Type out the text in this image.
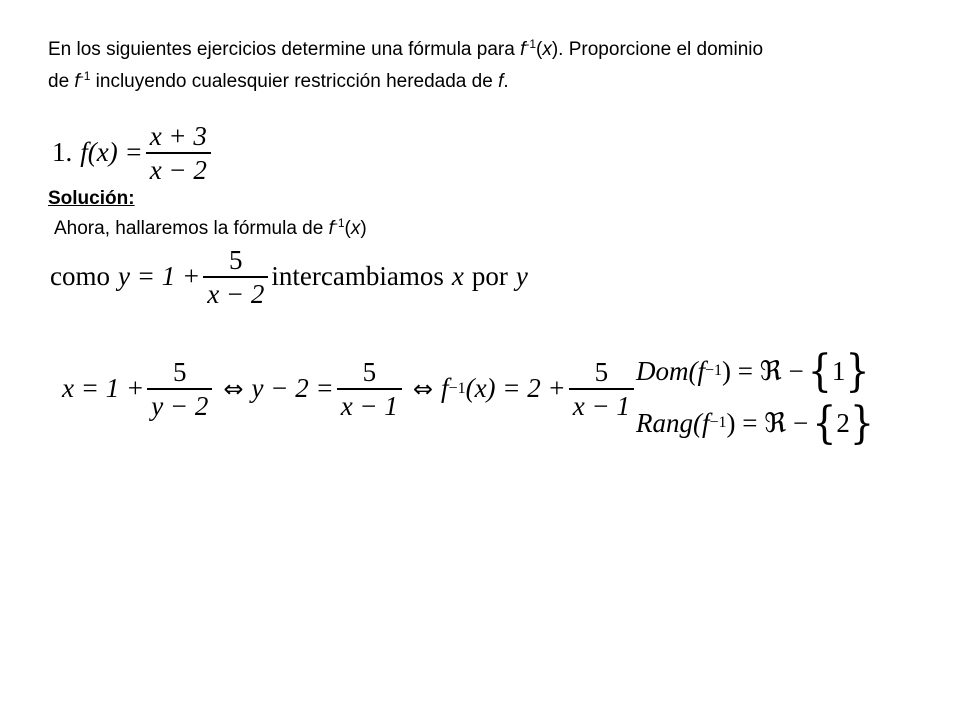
En los siguientes ejercicios determine una fórmula para $f^{-1}(x)$. Proporcione el dominio
de $f^{-1}$ incluyendo cualesquier restricción heredada de f.
1. $f(x) = \frac{x + 3}{x - 2}$
Solución:
Ahora, hallaremos la fórmula de $f^{-1}(x)$
como $y = 1 + \frac{5}{x - 2}$ intercambiamos x por y
$x = 1 + \frac{5}{y - 2}$ ⇔ $y - 2 = \frac{5}{x - 1}$ ⇔ f −1 $(x) = 2 + \frac{5}{x - 1} Dom$( f −1 ) = ℜ − { 1 }
Rang( f −1 ) = ℜ − { 2 }
